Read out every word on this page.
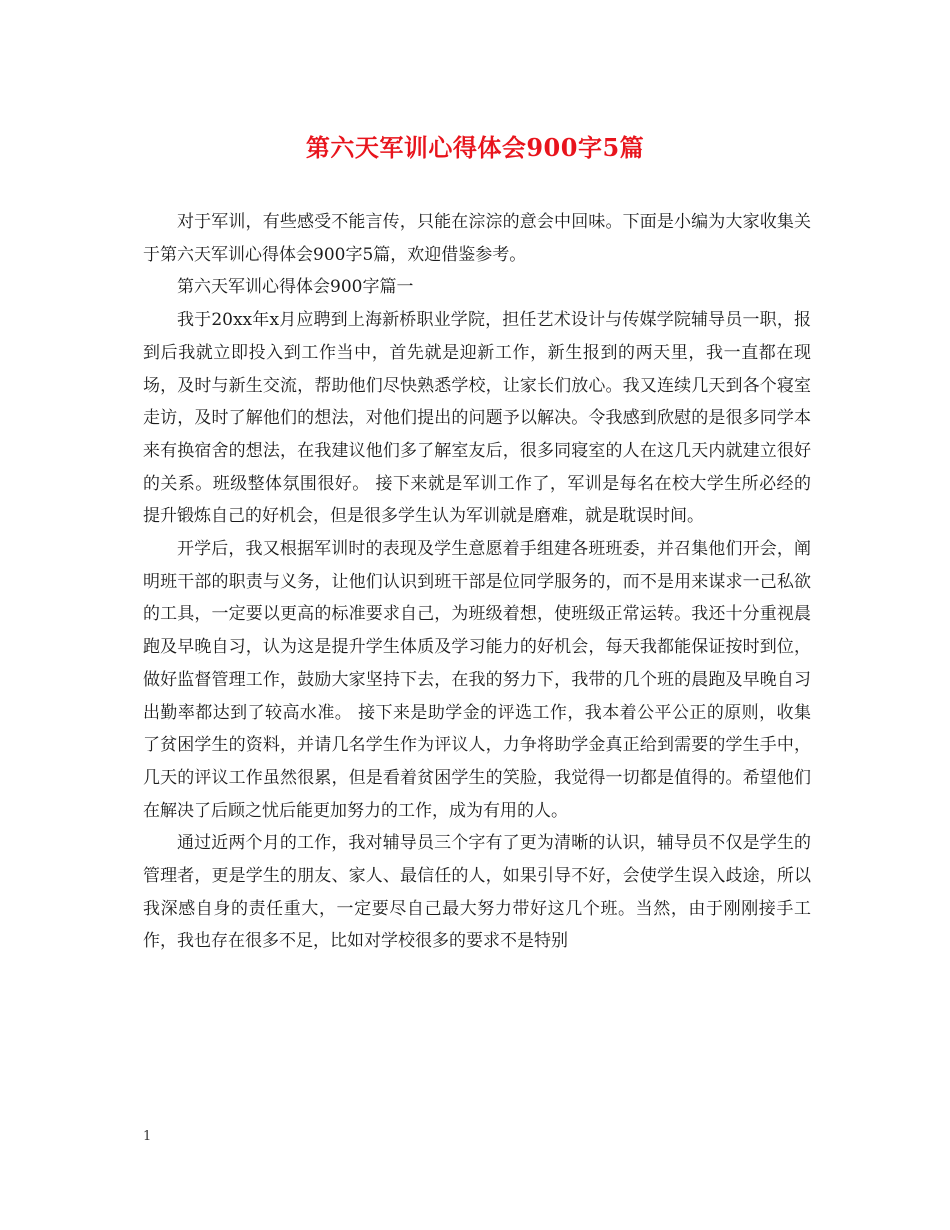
第六天军训心得体会900字5篇

对于军训，有些感受不能言传，只能在淙淙的意会中回味。下面是小编为大家收集关于第六天军训心得体会900字5篇，欢迎借鉴参考。

第六天军训心得体会900字篇一

我于20xx年x月应聘到上海新桥职业学院，担任艺术设计与传媒学院辅导员一职，报到后我就立即投入到工作当中，首先就是迎新工作，新生报到的两天里，我一直都在现场，及时与新生交流，帮助他们尽快熟悉学校，让家长们放心。我又连续几天到各个寝室走访，及时了解他们的想法，对他们提出的问题予以解决。令我感到欣慰的是很多同学本来有换宿舍的想法，在我建议他们多了解室友后，很多同寝室的人在这几天内就建立很好的关系。班级整体氛围很好。 接下来就是军训工作了，军训是每名在校大学生所必经的提升锻炼自己的好机会，但是很多学生认为军训就是磨难，就是耽误时间。

开学后，我又根据军训时的表现及学生意愿着手组建各班班委，并召集他们开会，阐明班干部的职责与义务，让他们认识到班干部是位同学服务的，而不是用来谋求一己私欲的工具，一定要以更高的标准要求自己，为班级着想，使班级正常运转。我还十分重视晨跑及早晚自习，认为这是提升学生体质及学习能力的好机会，每天我都能保证按时到位，做好监督管理工作，鼓励大家坚持下去，在我的努力下，我带的几个班的晨跑及早晚自习出勤率都达到了较高水准。 接下来是助学金的评选工作，我本着公平公正的原则，收集了贫困学生的资料，并请几名学生作为评议人，力争将助学金真正给到需要的学生手中，几天的评议工作虽然很累，但是看着贫困学生的笑脸，我觉得一切都是值得的。希望他们在解决了后顾之忧后能更加努力的工作，成为有用的人。

通过近两个月的工作，我对辅导员三个字有了更为清晰的认识，辅导员不仅是学生的管理者，更是学生的朋友、家人、最信任的人，如果引导不好，会使学生误入歧途，所以我深感自身的责任重大，一定要尽自己最大努力带好这几个班。当然，由于刚刚接手工作，我也存在很多不足，比如对学校很多的要求不是特别

1
